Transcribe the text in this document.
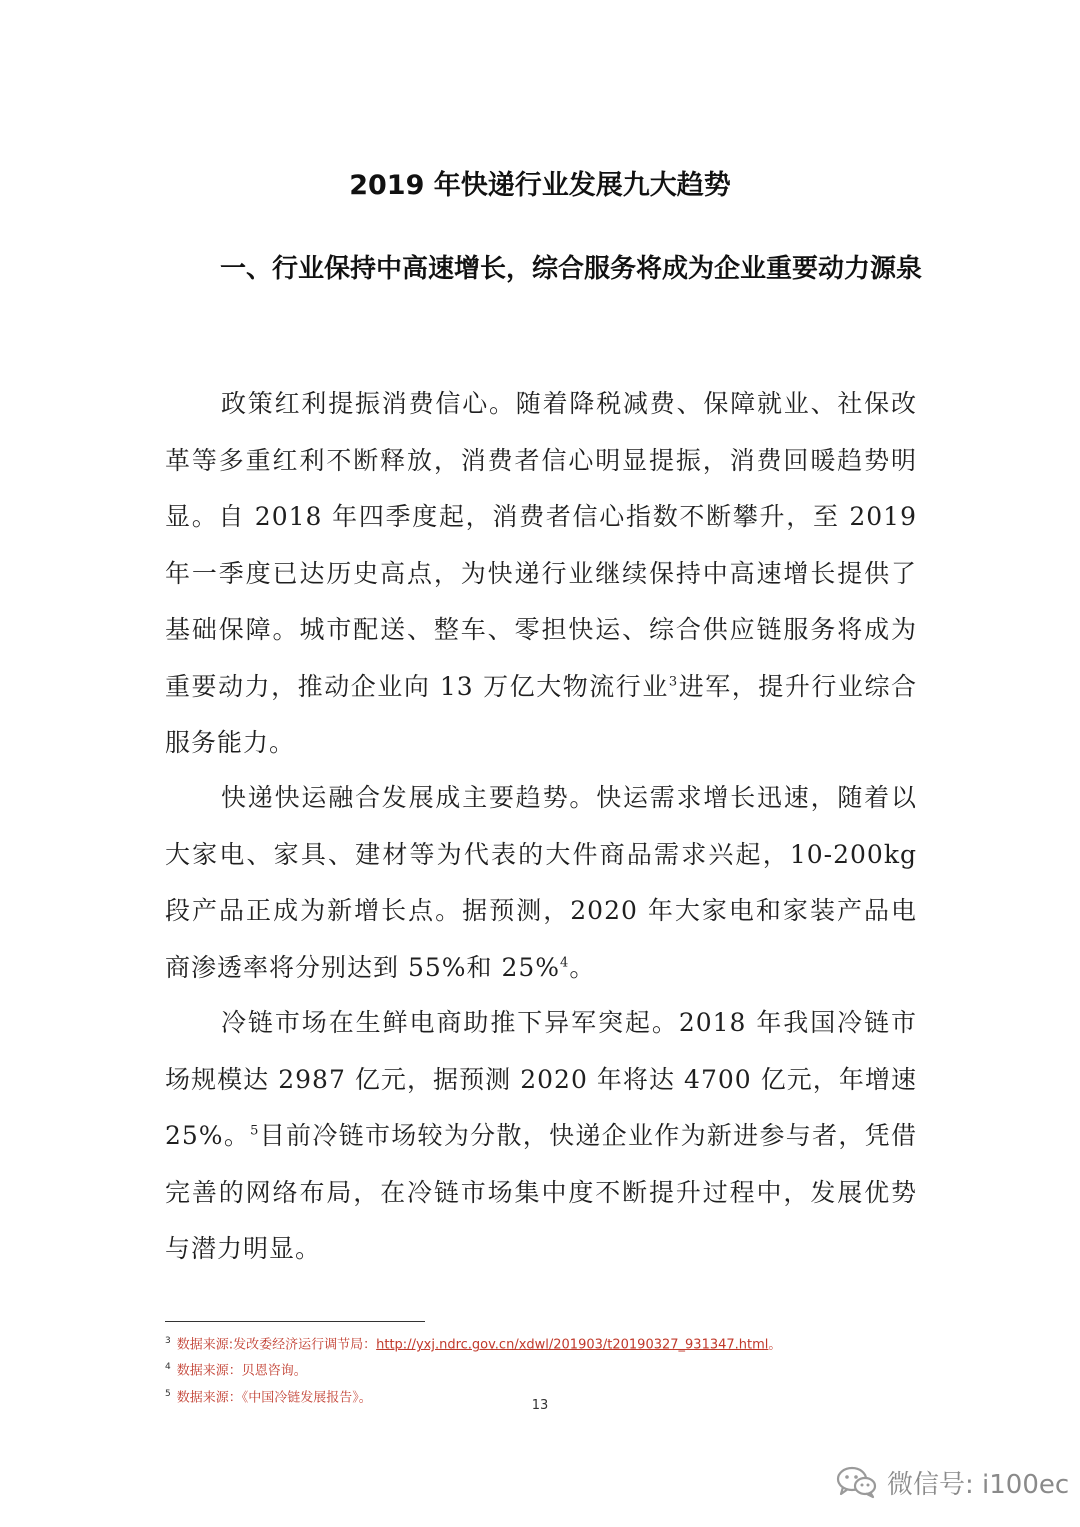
2019 年快递行业发展九大趋势
一、行业保持中高速增长，综合服务将成为企业重要动力源泉

政策红利提振消费信心。随着降税减费、保障就业、社保改革等多重红利不断释放，消费者信心明显提振，消费回暖趋势明显。自 2018 年四季度起，消费者信心指数不断攀升，至 2019 年一季度已达历史高点，为快递行业继续保持中高速增长提供了基础保障。城市配送、整车、零担快运、综合供应链服务将成为重要动力，推动企业向 13 万亿大物流行业$^3$进军，提升行业综合服务能力。

快递快运融合发展成主要趋势。快运需求增长迅速，随着以大家电、家具、建材等为代表的大件商品需求兴起，10-200kg 段产品正成为新增长点。据预测，2020 年大家电和家装产品电商渗透率将分别达到 55%和 25%$^4$。

冷链市场在生鲜电商助推下异军突起。2018 年我国冷链市场规模达 2987 亿元，据预测 2020 年将达 4700 亿元，年增速 25%。$^5$目前冷链市场较为分散，快递企业作为新进参与者，凭借完善的网络布局，在冷链市场集中度不断提升过程中，发展优势与潜力明显。

$^3$ 数据来源:发改委经济运行调节局：http://yxj.ndrc.gov.cn/xdwl/201903/t20190327_931347.html。
$^4$ 数据来源：贝恩咨询。
$^5$ 数据来源：《中国冷链发展报告》。
13
微信号: i100ec
